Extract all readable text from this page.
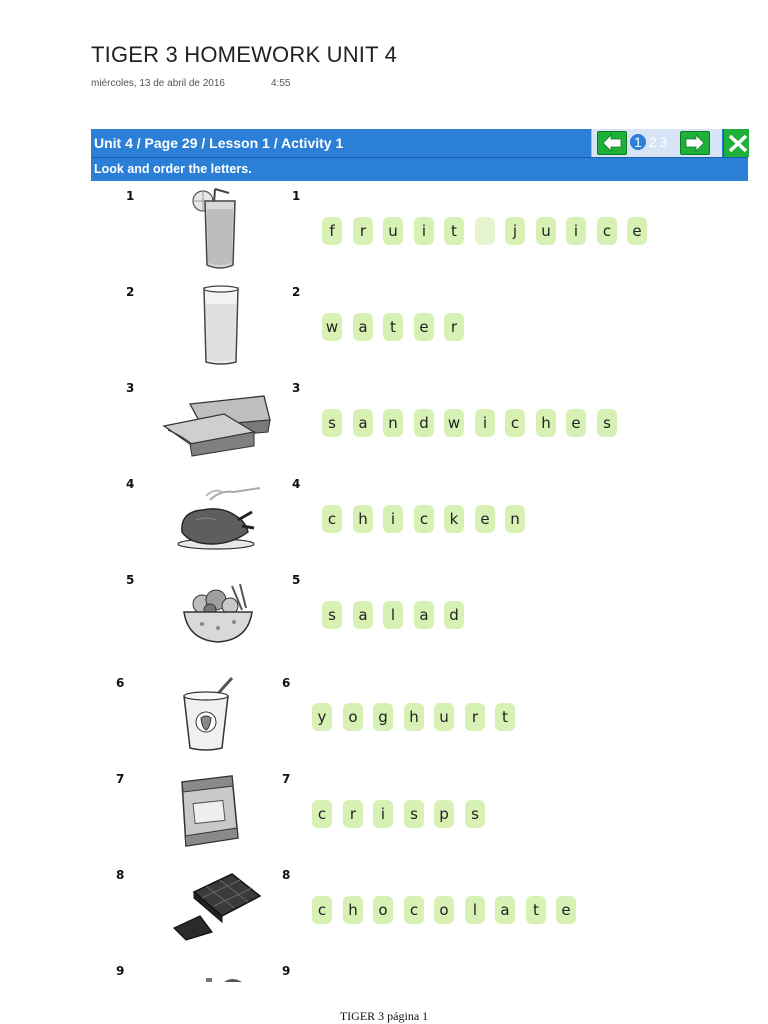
TIGER 3 HOMEWORK UNIT 4
miércoles, 13 de abril de 2016	4:55
Unit 4 / Page 29 / Lesson 1 / Activity 1
Look and order the letters.
1 2 3
1	1
f	r	u	i	t	j	u	i	c	e
2	2
w	a	t	e	r
3	3
s	a	n	d	w	i	c	h	e	s
4	4
c	h	i	c	k	e	n
5	5
s	a	l	a	d
6	6
y	o	g	h	u	r	t
7	7
c	r	i	s	p	s
8	8
c	h	o	c	o	l	a	t	e
9	9
TIGER 3 página 1
